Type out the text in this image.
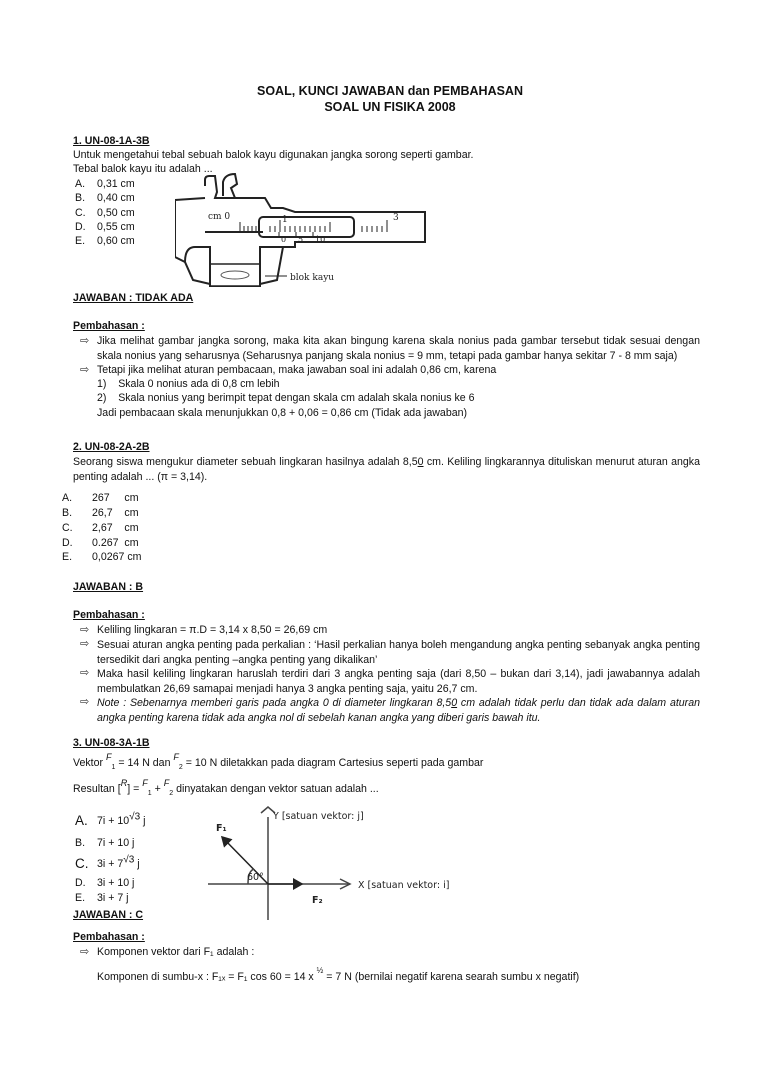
SOAL, KUNCI JAWABAN dan PEMBAHASAN
SOAL UN FISIKA 2008
1. UN-08-1A-3B
Untuk mengetahui tebal sebuah balok kayu digunakan jangka sorong seperti gambar.
Tebal balok kayu itu adalah ...
A. 0,31 cm
B. 0,40 cm
C. 0,50 cm
D. 0,55 cm
E. 0,60 cm
cm 0	1	3
0 5 10
blok kayu
JAWABAN : TIDAK ADA
Pembahasan :
⇨ Jika melihat gambar jangka sorong, maka kita akan bingung karena skala nonius pada gambar tersebut tidak sesuai dengan skala nonius yang seharusnya (Seharusnya panjang skala nonius = 9 mm, tetapi pada gambar hanya sekitar 7 - 8 mm saja)
⇨ Tetapi jika melihat aturan pembacaan, maka jawaban soal ini adalah 0,86 cm, karena
1)    Skala 0 nonius ada di 0,8 cm lebih
2)    Skala nonius yang berimpit tepat dengan skala cm adalah skala nonius ke 6
Jadi pembacaan skala menunjukkan 0,8 + 0,06 = 0,86 cm (Tidak ada jawaban)
2. UN-08-2A-2B
Seorang siswa mengukur diameter sebuah lingkaran hasilnya adalah 8,50 cm. Keliling lingkarannya dituliskan menurut aturan angka penting adalah ... (π = 3,14).
A. 267     cm
B. 26,7    cm
C. 2,67    cm
D. 0.267  cm
E. 0,0267 cm
JAWABAN : B
Pembahasan :
⇨ Keliling lingkaran = π.D = 3,14 x 8,50 = 26,69 cm
⇨ Sesuai aturan angka penting pada perkalian : ‘Hasil perkalian hanya boleh mengandung angka penting sebanyak angka penting tersedikit dari angka penting –angka penting yang dikalikan’
⇨ Maka hasil keliling lingkaran haruslah terdiri dari 3 angka penting saja (dari 8,50 – bukan dari 3,14), jadi jawabannya adalah membulatkan 26,69 samapai menjadi hanya 3 angka penting saja, yaitu 26,7 cm.
⇨ Note : Sebenarnya memberi garis pada angka 0 di diameter lingkaran 8,50 cm adalah tidak perlu dan tidak ada dalam aturan angka penting karena tidak ada angka nol di sebelah kanan angka yang diberi garis bawah itu.
3. UN-08-3A-1B
Vektor $^F_1$ = 14 N dan $^F_2$ = 10 N diletakkan pada diagram Cartesius seperti pada gambar
Resultan [$^R$] = $^F_1$ + $^F_2$ dinyatakan dengan vektor satuan adalah ...
A. $7i + 10^{√3}$ j
B. 7i + 10 j
C. $3i + 7^{√3}$ j
D. 3i + 10 j
E. 3i + 7 j
JAWABAN : C
Y [satuan vektor: j]
X [satuan vektor: i]
F₁
F₂
60°
Pembahasan :
⇨ Komponen vektor dari F₁ adalah :
Komponen di sumbu-x : F₁ₓ = F₁ cos 60 = 14 x $^{\frac{1}{2}}$ = 7 N (bernilai negatif karena searah sumbu x negatif)
